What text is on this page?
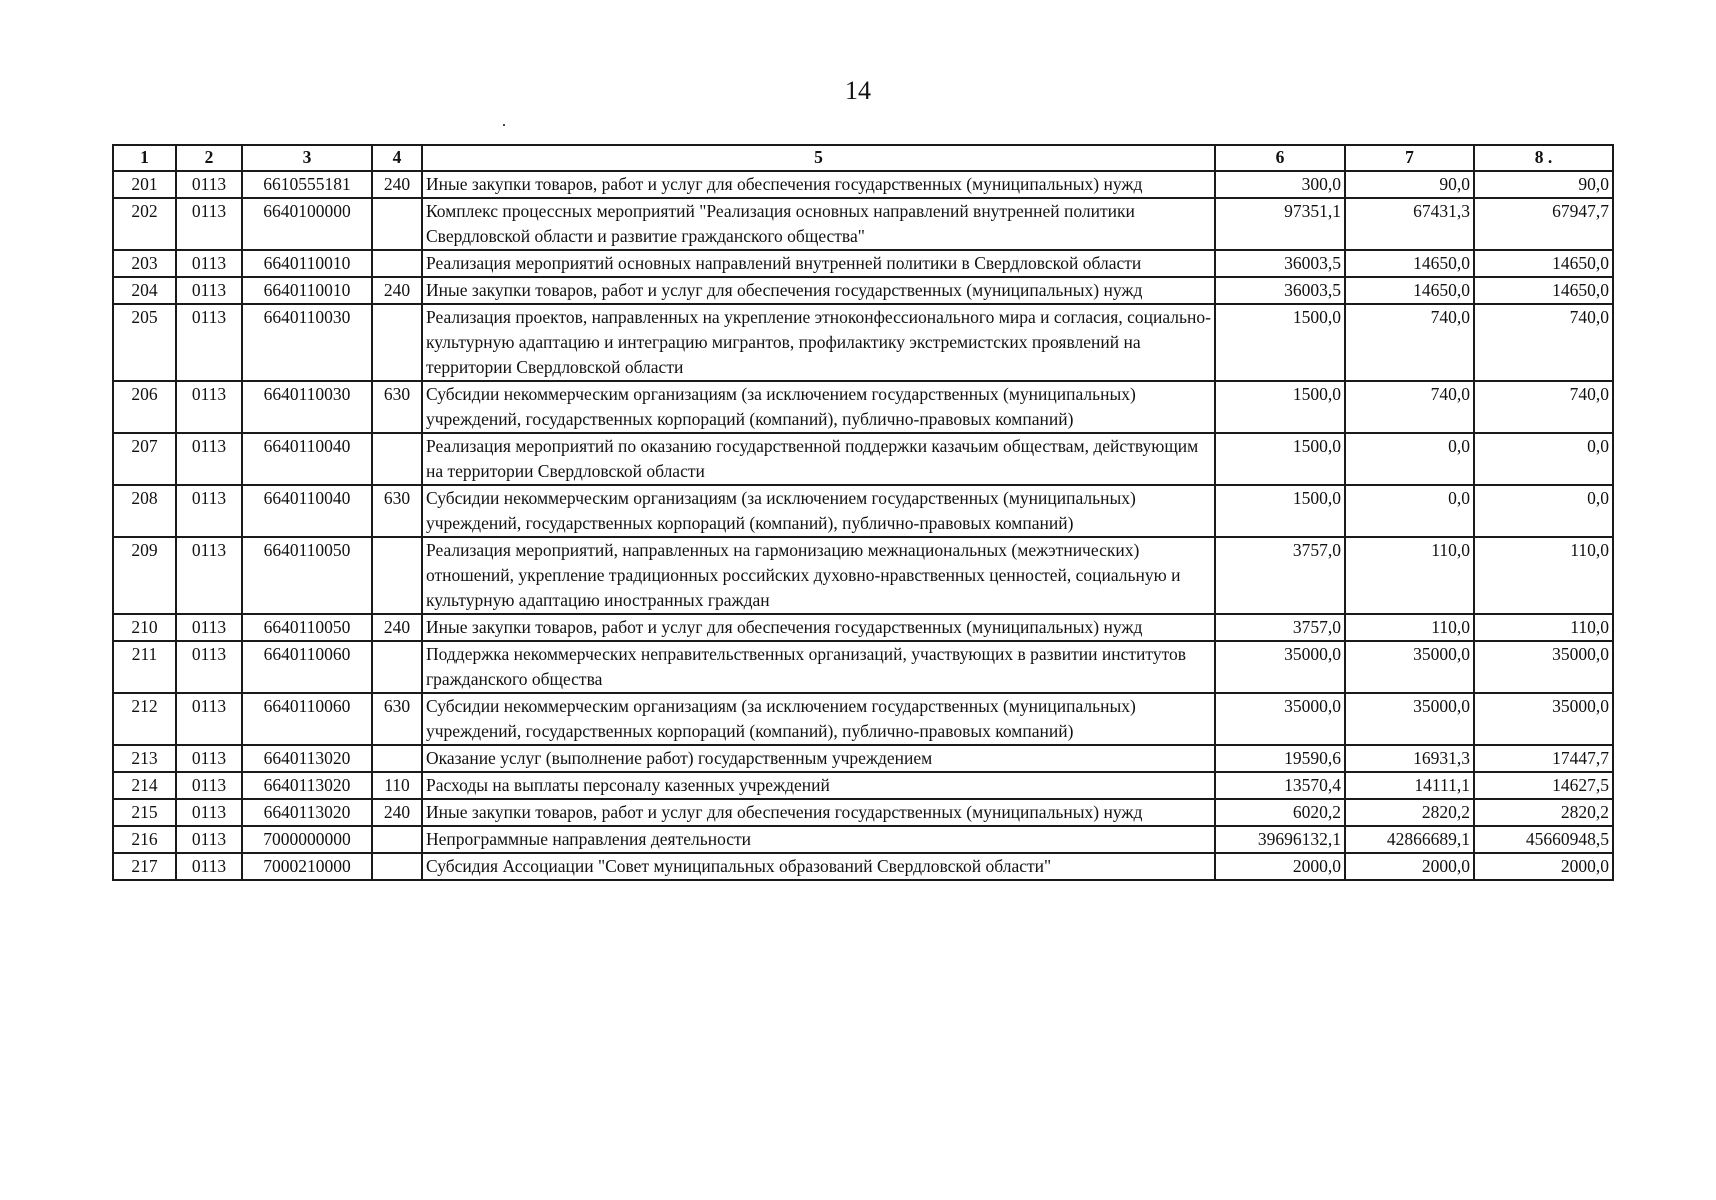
14
1	2	3	4	5	6	7	8 .
201	0113	6610555181	240	Иные закупки товаров, работ и услуг для обеспечения государственных (муниципальных) нужд	300,0	90,0	90,0
202	0113	6640100000		Комплекс процессных мероприятий "Реализация основных направлений внутренней политики Свердловской области и развитие гражданского общества"	97351,1	67431,3	67947,7
203	0113	6640110010		Реализация мероприятий основных направлений внутренней политики в Свердловской области	36003,5	14650,0	14650,0
204	0113	6640110010	240	Иные закупки товаров, работ и услуг для обеспечения государственных (муниципальных) нужд	36003,5	14650,0	14650,0
205	0113	6640110030		Реализация проектов, направленных на укрепление этноконфессионального мира и согласия, социально-культурную адаптацию и интеграцию мигрантов, профилактику экстремистских проявлений на территории Свердловской области	1500,0	740,0	740,0
206	0113	6640110030	630	Субсидии некоммерческим организациям (за исключением государственных (муниципальных) учреждений, государственных корпораций (компаний), публично-правовых компаний)	1500,0	740,0	740,0
207	0113	6640110040		Реализация мероприятий по оказанию государственной поддержки казачьим обществам, действующим на территории Свердловской области	1500,0	0,0	0,0
208	0113	6640110040	630	Субсидии некоммерческим организациям (за исключением государственных (муниципальных) учреждений, государственных корпораций (компаний), публично-правовых компаний)	1500,0	0,0	0,0
209	0113	6640110050		Реализация мероприятий, направленных на гармонизацию межнациональных (межэтнических) отношений, укрепление традиционных российских духовно-нравственных ценностей, социальную и культурную адаптацию иностранных граждан	3757,0	110,0	110,0
210	0113	6640110050	240	Иные закупки товаров, работ и услуг для обеспечения государственных (муниципальных) нужд	3757,0	110,0	110,0
211	0113	6640110060		Поддержка некоммерческих неправительственных организаций, участвующих в развитии институтов гражданского общества	35000,0	35000,0	35000,0
212	0113	6640110060	630	Субсидии некоммерческим организациям (за исключением государственных (муниципальных) учреждений, государственных корпораций (компаний), публично-правовых компаний)	35000,0	35000,0	35000,0
213	0113	6640113020		Оказание услуг (выполнение работ) государственным учреждением	19590,6	16931,3	17447,7
214	0113	6640113020	110	Расходы на выплаты персоналу казенных учреждений	13570,4	14111,1	14627,5
215	0113	6640113020	240	Иные закупки товаров, работ и услуг для обеспечения государственных (муниципальных) нужд	6020,2	2820,2	2820,2
216	0113	7000000000		Непрограммные направления деятельности	39696132,1	42866689,1	45660948,5
217	0113	7000210000		Субсидия Ассоциации "Совет муниципальных образований Свердловской области"	2000,0	2000,0	2000,0
